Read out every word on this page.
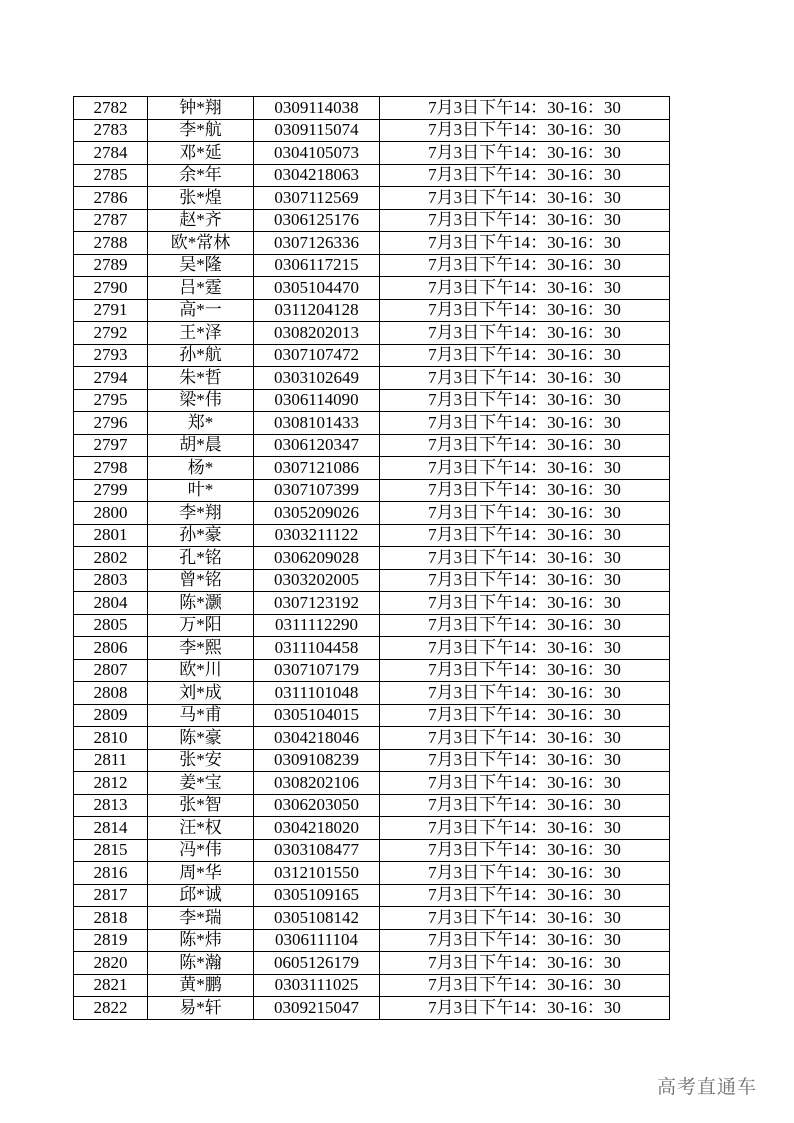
2782	钟*翔	0309114038	7月3日下午14：30-16：30
2783	李*航	0309115074	7月3日下午14：30-16：30
2784	邓*延	0304105073	7月3日下午14：30-16：30
2785	余*年	0304218063	7月3日下午14：30-16：30
2786	张*煌	0307112569	7月3日下午14：30-16：30
2787	赵*齐	0306125176	7月3日下午14：30-16：30
2788	欧*常林	0307126336	7月3日下午14：30-16：30
2789	吴*隆	0306117215	7月3日下午14：30-16：30
2790	吕*霆	0305104470	7月3日下午14：30-16：30
2791	高*一	0311204128	7月3日下午14：30-16：30
2792	王*泽	0308202013	7月3日下午14：30-16：30
2793	孙*航	0307107472	7月3日下午14：30-16：30
2794	朱*哲	0303102649	7月3日下午14：30-16：30
2795	梁*伟	0306114090	7月3日下午14：30-16：30
2796	郑*	0308101433	7月3日下午14：30-16：30
2797	胡*晨	0306120347	7月3日下午14：30-16：30
2798	杨*	0307121086	7月3日下午14：30-16：30
2799	叶*	0307107399	7月3日下午14：30-16：30
2800	李*翔	0305209026	7月3日下午14：30-16：30
2801	孙*豪	0303211122	7月3日下午14：30-16：30
2802	孔*铭	0306209028	7月3日下午14：30-16：30
2803	曾*铭	0303202005	7月3日下午14：30-16：30
2804	陈*灏	0307123192	7月3日下午14：30-16：30
2805	万*阳	0311112290	7月3日下午14：30-16：30
2806	李*熙	0311104458	7月3日下午14：30-16：30
2807	欧*川	0307107179	7月3日下午14：30-16：30
2808	刘*成	0311101048	7月3日下午14：30-16：30
2809	马*甫	0305104015	7月3日下午14：30-16：30
2810	陈*豪	0304218046	7月3日下午14：30-16：30
2811	张*安	0309108239	7月3日下午14：30-16：30
2812	姜*宝	0308202106	7月3日下午14：30-16：30
2813	张*智	0306203050	7月3日下午14：30-16：30
2814	汪*权	0304218020	7月3日下午14：30-16：30
2815	冯*伟	0303108477	7月3日下午14：30-16：30
2816	周*华	0312101550	7月3日下午14：30-16：30
2817	邱*诚	0305109165	7月3日下午14：30-16：30
2818	李*瑞	0305108142	7月3日下午14：30-16：30
2819	陈*炜	0306111104	7月3日下午14：30-16：30
2820	陈*瀚	0605126179	7月3日下午14：30-16：30
2821	黄*鹏	0303111025	7月3日下午14：30-16：30
2822	易*轩	0309215047	7月3日下午14：30-16：30
高考直通车
